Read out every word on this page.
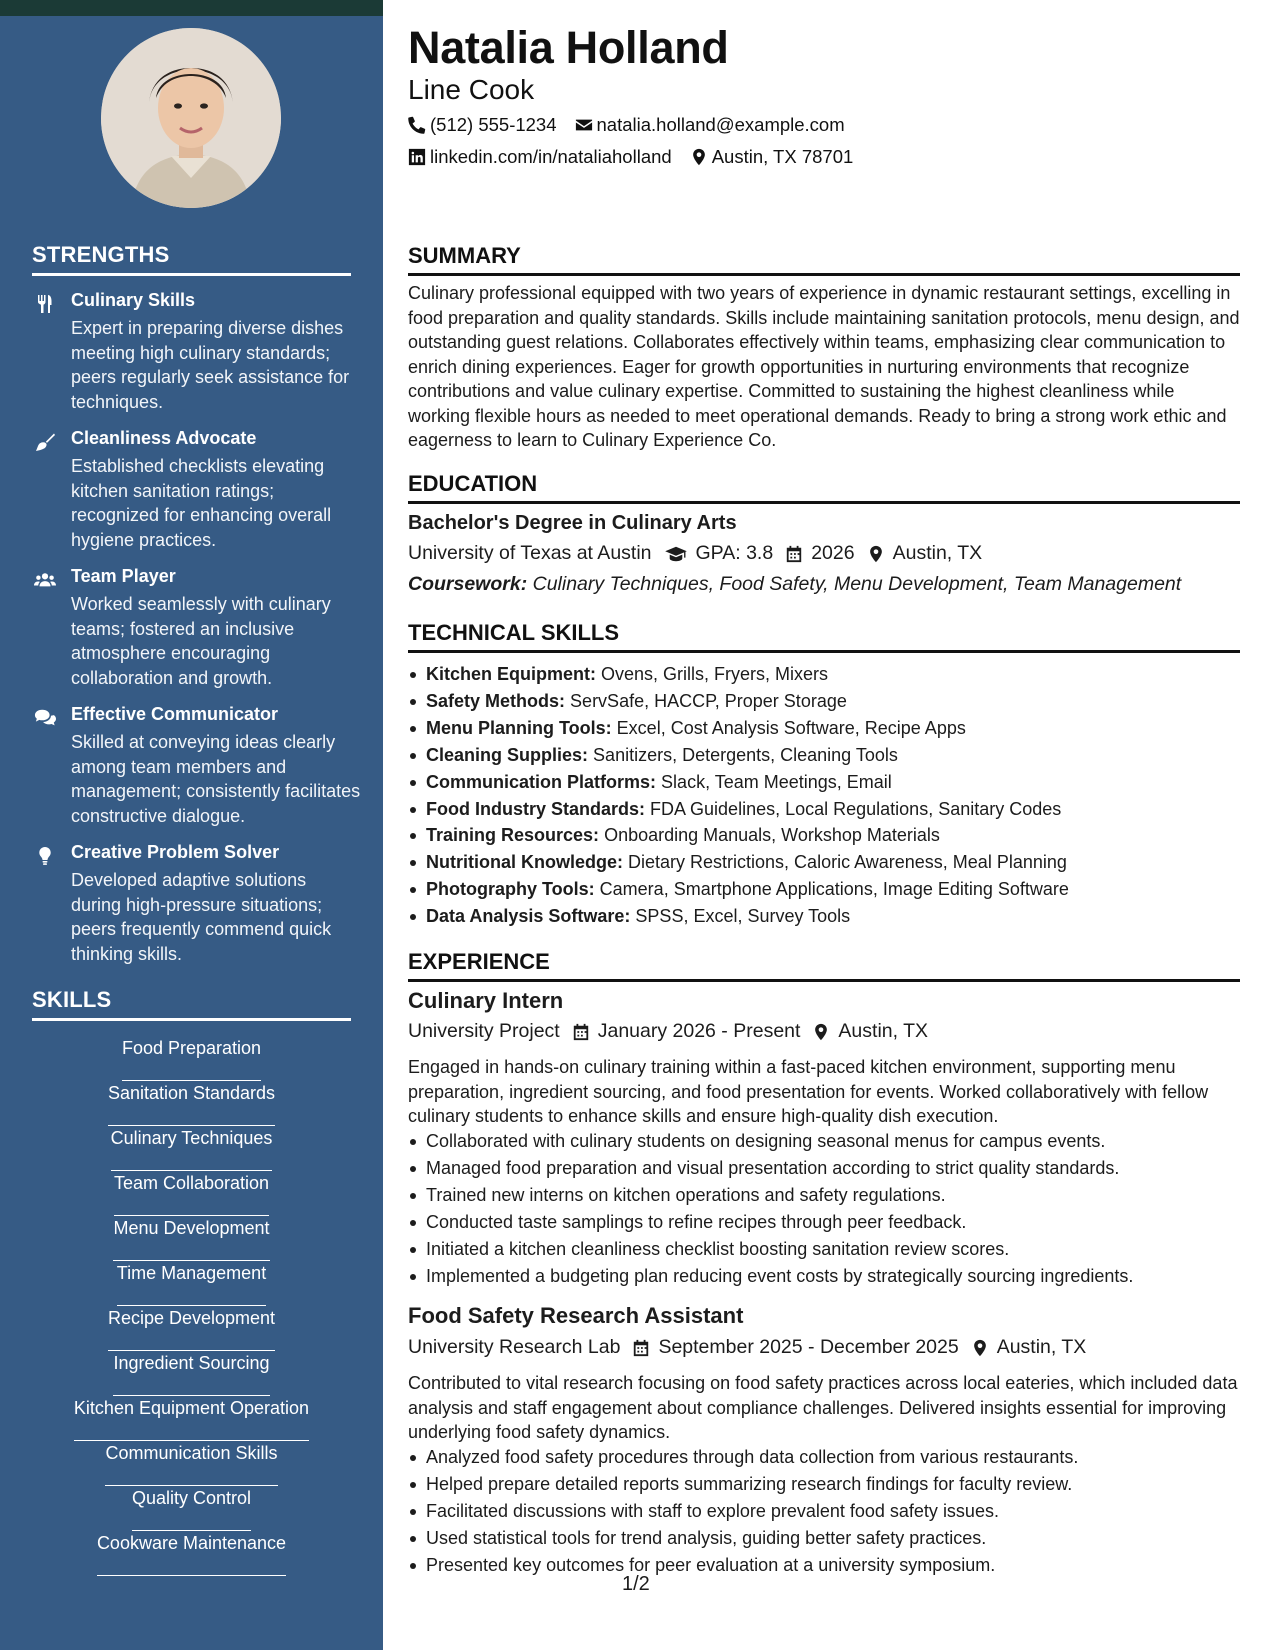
STRENGTHS
Culinary Skills
Expert in preparing diverse dishes meeting high culinary standards; peers regularly seek assistance for techniques.
Cleanliness Advocate
Established checklists elevating kitchen sanitation ratings; recognized for enhancing overall hygiene practices.
Team Player
Worked seamlessly with culinary teams; fostered an inclusive atmosphere encouraging collaboration and growth.
Effective Communicator
Skilled at conveying ideas clearly among team members and management; consistently facilitates constructive dialogue.
Creative Problem Solver
Developed adaptive solutions during high-pressure situations; peers frequently commend quick thinking skills.
SKILLS
Food Preparation
Sanitation Standards
Culinary Techniques
Team Collaboration
Menu Development
Time Management
Recipe Development
Ingredient Sourcing
Kitchen Equipment Operation
Communication Skills
Quality Control
Cookware Maintenance
Natalia Holland
Line Cook
(512) 555-1234 natalia.holland@example.com
linkedin.com/in/nataliaholland Austin, TX 78701
SUMMARY
Culinary professional equipped with two years of experience in dynamic restaurant settings, excelling in food preparation and quality standards. Skills include maintaining sanitation protocols, menu design, and outstanding guest relations. Collaborates effectively within teams, emphasizing clear communication to enrich dining experiences. Eager for growth opportunities in nurturing environments that recognize contributions and value culinary expertise. Committed to sustaining the highest cleanliness while working flexible hours as needed to meet operational demands. Ready to bring a strong work ethic and eagerness to learn to Culinary Experience Co.
EDUCATION
Bachelor's Degree in Culinary Arts
University of Texas at Austin GPA: 3.8 2026 Austin, TX
Coursework: Culinary Techniques, Food Safety, Menu Development, Team Management
TECHNICAL SKILLS
Kitchen Equipment: Ovens, Grills, Fryers, Mixers
Safety Methods: ServSafe, HACCP, Proper Storage
Menu Planning Tools: Excel, Cost Analysis Software, Recipe Apps
Cleaning Supplies: Sanitizers, Detergents, Cleaning Tools
Communication Platforms: Slack, Team Meetings, Email
Food Industry Standards: FDA Guidelines, Local Regulations, Sanitary Codes
Training Resources: Onboarding Manuals, Workshop Materials
Nutritional Knowledge: Dietary Restrictions, Caloric Awareness, Meal Planning
Photography Tools: Camera, Smartphone Applications, Image Editing Software
Data Analysis Software: SPSS, Excel, Survey Tools
EXPERIENCE
Culinary Intern
University Project January 2026 - Present Austin, TX
Engaged in hands-on culinary training within a fast-paced kitchen environment, supporting menu preparation, ingredient sourcing, and food presentation for events. Worked collaboratively with fellow culinary students to enhance skills and ensure high-quality dish execution.
Collaborated with culinary students on designing seasonal menus for campus events.
Managed food preparation and visual presentation according to strict quality standards.
Trained new interns on kitchen operations and safety regulations.
Conducted taste samplings to refine recipes through peer feedback.
Initiated a kitchen cleanliness checklist boosting sanitation review scores.
Implemented a budgeting plan reducing event costs by strategically sourcing ingredients.
Food Safety Research Assistant
University Research Lab September 2025 - December 2025 Austin, TX
Contributed to vital research focusing on food safety practices across local eateries, which included data analysis and staff engagement about compliance challenges. Delivered insights essential for improving underlying food safety dynamics.
Analyzed food safety procedures through data collection from various restaurants.
Helped prepare detailed reports summarizing research findings for faculty review.
Facilitated discussions with staff to explore prevalent food safety issues.
Used statistical tools for trend analysis, guiding better safety practices.
Presented key outcomes for peer evaluation at a university symposium.
1/2
